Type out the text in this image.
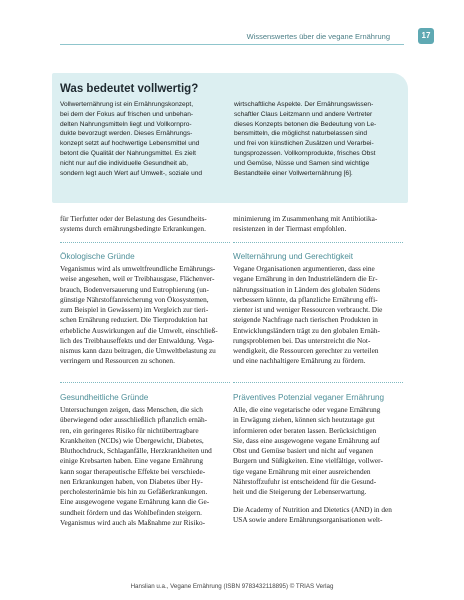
Wissenswertes über die vegane Ernährung	17
Was bedeutet vollwertig?
Vollwerternährung ist ein Ernährungskonzept,
bei dem der Fokus auf frischen und unbehan-
delten Nahrungsmitteln liegt und Vollkornpro-
dukte bevorzugt werden. Dieses Ernährungs-
konzept setzt auf hochwertige Lebensmittel und
betont die Qualität der Nahrungsmittel. Es zielt
nicht nur auf die individuelle Gesundheit ab,
sondern legt auch Wert auf Umwelt-, soziale und
wirtschaftliche Aspekte. Der Ernährungswissen-
schaftler Claus Leitzmann und andere Vertreter
dieses Konzepts betonen die Bedeutung von Le-
bensmitteln, die möglichst naturbelassen sind
und frei von künstlichen Zusätzen und Verarbei-
tungsprozessen. Vollkornprodukte, frisches Obst
und Gemüse, Nüsse und Samen sind wichtige
Bestandteile einer Vollwerternährung [6].
für Tierfutter oder der Belastung des Gesundheits-
systems durch ernährungsbedingte Erkrankungen.
minimierung im Zusammenhang mit Antibiotika-
resistenzen in der Tiermast empfohlen.
Ökologische Gründe	Welternährung und Gerechtigkeit
Veganismus wird als umweltfreundliche Ernährungs-
weise angesehen, weil er Treibhausgase, Flächenver-
brauch, Bodenversauerung und Eutrophierung (un-
günstige Nährstoffanreicherung von Ökosystemen,
zum Beispiel in Gewässern) im Vergleich zur tieri-
schen Ernährung reduziert. Die Tierproduktion hat
erhebliche Auswirkungen auf die Umwelt, einschließ-
lich des Treibhauseffekts und der Entwaldung. Vega-
nismus kann dazu beitragen, die Umweltbelastung zu
verringern und Ressourcen zu schonen.
Vegane Organisationen argumentieren, dass eine
vegane Ernährung in den Industrieländern die Er-
nährungssituation in Ländern des globalen Südens
verbessern könnte, da pflanzliche Ernährung effi-
zienter ist und weniger Ressourcen verbraucht. Die
steigende Nachfrage nach tierischen Produkten in
Entwicklungsländern trägt zu den globalen Ernäh-
rungsproblemen bei. Das unterstreicht die Not-
wendigkeit, die Ressourcen gerechter zu verteilen
und eine nachhaltigere Ernährung zu fördern.
Gesundheitliche Gründe	Präventives Potenzial veganer Ernährung
Untersuchungen zeigen, dass Menschen, die sich
überwiegend oder ausschließlich pflanzlich ernäh-
ren, ein geringeres Risiko für nichtübertragbare
Krankheiten (NCDs) wie Übergewicht, Diabetes,
Bluthochdruck, Schlaganfälle, Herzkrankheiten und
einige Krebsarten haben. Eine vegane Ernährung
kann sogar therapeutische Effekte bei verschiede-
nen Erkrankungen haben, von Diabetes über Hy-
percholesterinämie bis hin zu Gefäßerkrankungen.
Eine ausgewogene vegane Ernährung kann die Ge-
sundheit fördern und das Wohlbefinden steigern.
Veganismus wird auch als Maßnahme zur Risiko-
Alle, die eine vegetarische oder vegane Ernährung
in Erwägung ziehen, können sich heutzutage gut
informieren oder beraten lassen. Berücksichtigen
Sie, dass eine ausgewogene vegane Ernährung auf
Obst und Gemüse basiert und nicht auf veganen
Burgern und Süßigkeiten. Eine vielfältige, vollwer-
tige vegane Ernährung mit einer ausreichenden
Nährstoffzufuhr ist entscheidend für die Gesund-
heit und die Steigerung der Lebenserwartung.
Die Academy of Nutrition and Dietetics (AND) in den
USA sowie andere Ernährungsorganisationen welt-
Hanslian u.a., Vegane Ernährung (ISBN 9783432118895) © TRIAS Verlag
